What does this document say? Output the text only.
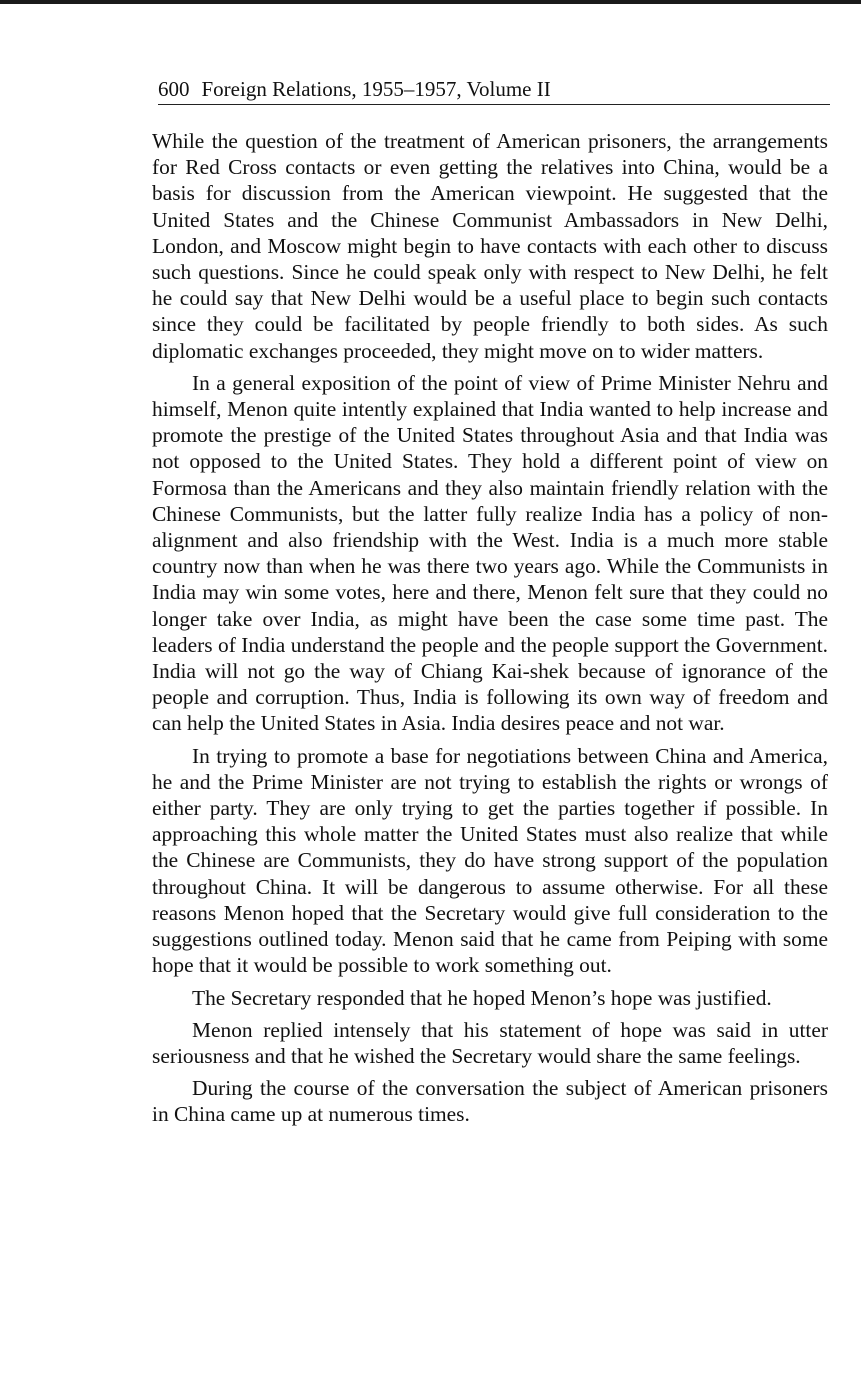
600 Foreign Relations, 1955–1957, Volume II

While the question of the treatment of American prisoners, the arrangements for Red Cross contacts or even getting the relatives into China, would be a basis for discussion from the American viewpoint. He suggested that the United States and the Chinese Communist Ambassadors in New Delhi, London, and Moscow might begin to have contacts with each other to discuss such questions. Since he could speak only with respect to New Delhi, he felt he could say that New Delhi would be a useful place to begin such contacts since they could be facilitated by people friendly to both sides. As such diplomatic exchanges proceeded, they might move on to wider matters.

In a general exposition of the point of view of Prime Minister Nehru and himself, Menon quite intently explained that India wanted to help increase and promote the prestige of the United States throughout Asia and that India was not opposed to the United States. They hold a different point of view on Formosa than the Americans and they also maintain friendly relation with the Chinese Communists, but the latter fully realize India has a policy of nonalignment and also friendship with the West. India is a much more stable country now than when he was there two years ago. While the Communists in India may win some votes, here and there, Menon felt sure that they could no longer take over India, as might have been the case some time past. The leaders of India understand the people and the people support the Government. India will not go the way of Chiang Kai-shek because of ignorance of the people and corruption. Thus, India is following its own way of freedom and can help the United States in Asia. India desires peace and not war.

In trying to promote a base for negotiations between China and America, he and the Prime Minister are not trying to establish the rights or wrongs of either party. They are only trying to get the parties together if possible. In approaching this whole matter the United States must also realize that while the Chinese are Communists, they do have strong support of the population throughout China. It will be dangerous to assume otherwise. For all these reasons Menon hoped that the Secretary would give full consideration to the suggestions outlined today. Menon said that he came from Peiping with some hope that it would be possible to work something out.

The Secretary responded that he hoped Menon’s hope was justified.

Menon replied intensely that his statement of hope was said in utter seriousness and that he wished the Secretary would share the same feelings.

During the course of the conversation the subject of American prisoners in China came up at numerous times.
